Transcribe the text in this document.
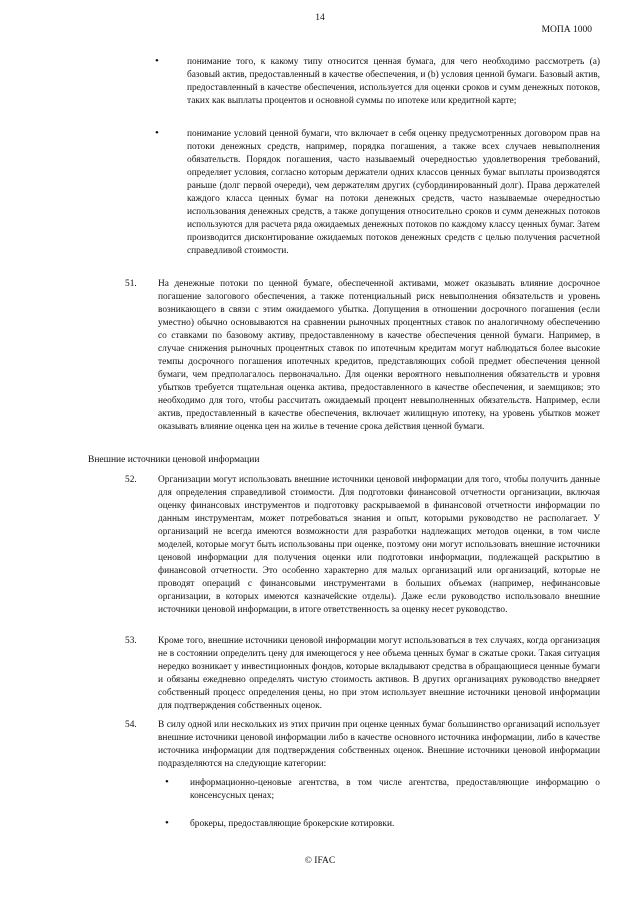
14
МОПА 1000
•	понимание того, к какому типу относится ценная бумага, для чего необходимо рассмотреть (a) базовый актив, предоставленный в качестве обеспечения, и (b) условия ценной бумаги. Базовый актив, предоставленный в качестве обеспечения, используется для оценки сроков и сумм денежных потоков, таких как выплаты процентов и основной суммы по ипотеке или кредитной карте;
•	понимание условий ценной бумаги, что включает в себя оценку предусмотренных договором прав на потоки денежных средств, например, порядка погашения, а также всех случаев невыполнения обязательств. Порядок погашения, часто называемый очередностью удовлетворения требований, определяет условия, согласно которым держатели одних классов ценных бумаг выплаты производятся раньше (долг первой очереди), чем держателям других (субординированный долг). Права держателей каждого класса ценных бумаг на потоки денежных средств, часто называемые очередностью использования денежных средств, а также допущения относительно сроков и сумм денежных потоков используются для расчета ряда ожидаемых денежных потоков по каждому классу ценных бумаг. Затем производится дисконтирование ожидаемых потоков денежных средств с целью получения расчетной справедливой стоимости.
51. На денежные потоки по ценной бумаге, обеспеченной активами, может оказывать влияние досрочное погашение залогового обеспечения, а также потенциальный риск невыполнения обязательств и уровень возникающего в связи с этим ожидаемого убытка. Допущения в отношении досрочного погашения (если уместно) обычно основываются на сравнении рыночных процентных ставок по аналогичному обеспечению со ставками по базовому активу, предоставленному в качестве обеспечения ценной бумаги. Например, в случае снижения рыночных процентных ставок по ипотечным кредитам могут наблюдаться более высокие темпы досрочного погашения ипотечных кредитов, представляющих собой предмет обеспечения ценной бумаги, чем предполагалось первоначально. Для оценки вероятного невыполнения обязательств и уровня убытков требуется тщательная оценка актива, предоставленного в качестве обеспечения, и заемщиков; это необходимо для того, чтобы рассчитать ожидаемый процент невыполненных обязательств. Например, если актив, предоставленный в качестве обеспечения, включает жилищную ипотеку, на уровень убытков может оказывать влияние оценка цен на жилье в течение срока действия ценной бумаги.
Внешние источники ценовой информации
52. Организации могут использовать внешние источники ценовой информации для того, чтобы получить данные для определения справедливой стоимости. Для подготовки финансовой отчетности организации, включая оценку финансовых инструментов и подготовку раскрываемой в финансовой отчетности информации по данным инструментам, может потребоваться знания и опыт, которыми руководство не располагает. У организаций не всегда имеются возможности для разработки надлежащих методов оценки, в том числе моделей, которые могут быть использованы при оценке, поэтому они могут использовать внешние источники ценовой информации для получения оценки или подготовки информации, подлежащей раскрытию в финансовой отчетности. Это особенно характерно для малых организаций или организаций, которые не проводят операций с финансовыми инструментами в больших объемах (например, нефинансовые организации, в которых имеются казначейские отделы). Даже если руководство использовало внешние источники ценовой информации, в итоге ответственность за оценку несет руководство.
53. Кроме того, внешние источники ценовой информации могут использоваться в тех случаях, когда организация не в состоянии определить цену для имеющегося у нее объема ценных бумаг в сжатые сроки. Такая ситуация нередко возникает у инвестиционных фондов, которые вкладывают средства в обращающиеся ценные бумаги и обязаны ежедневно определять чистую стоимость активов. В других организациях руководство внедряет собственный процесс определения цены, но при этом использует внешние источники ценовой информации для подтверждения собственных оценок.
54. В силу одной или нескольких из этих причин при оценке ценных бумаг большинство организаций использует внешние источники ценовой информации либо в качестве основного источника информации, либо в качестве источника информации для подтверждения собственных оценок. Внешние источники ценовой информации подразделяются на следующие категории:
• информационно-ценовые агентства, в том числе агентства, предоставляющие информацию о консенсусных ценах;
• брокеры, предоставляющие брокерские котировки.
© IFAC
